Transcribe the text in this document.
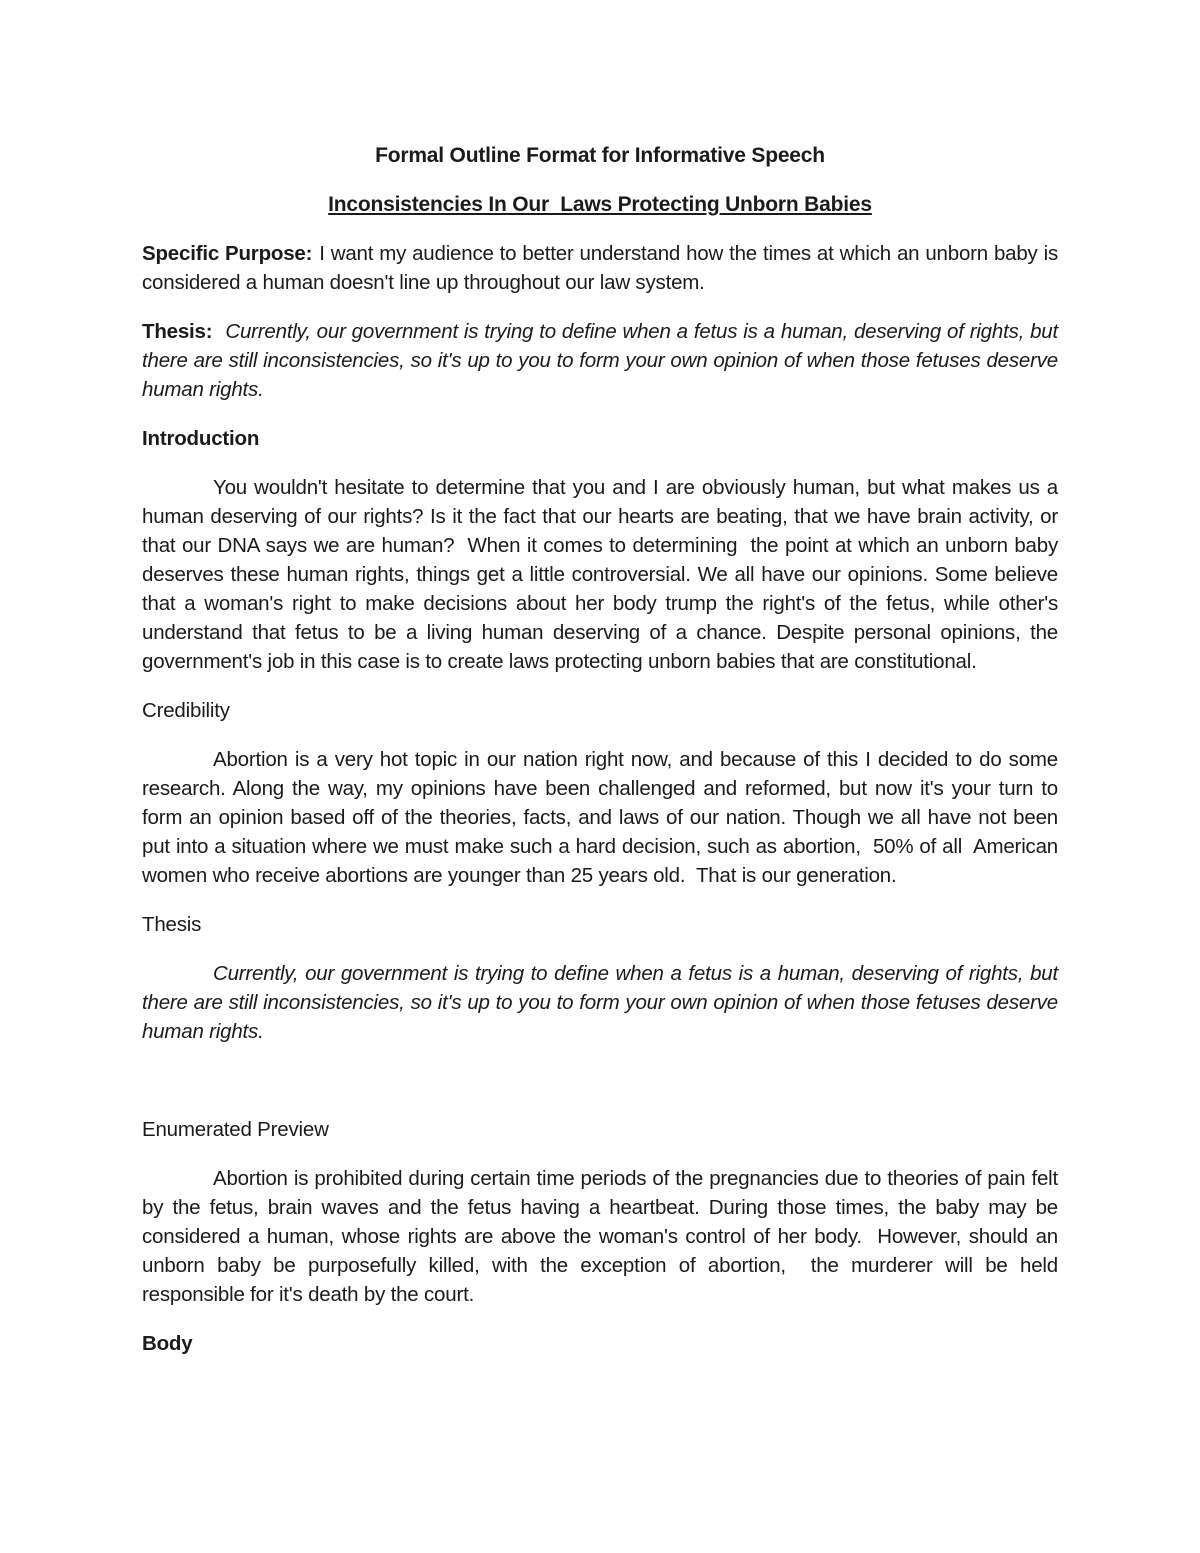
Formal Outline Format for Informative Speech
Inconsistencies In Our  Laws Protecting Unborn Babies

Specific Purpose: I want my audience to better understand how the times at which an unborn baby is considered a human doesn't line up throughout our law system.

Thesis: Currently, our government is trying to define when a fetus is a human, deserving of rights, but there are still inconsistencies, so it's up to you to form your own opinion of when those fetuses deserve human rights.

Introduction

You wouldn't hesitate to determine that you and I are obviously human, but what makes us a human deserving of our rights? Is it the fact that our hearts are beating, that we have brain activity, or that our DNA says we are human?  When it comes to determining  the point at which an unborn baby deserves these human rights, things get a little controversial. We all have our opinions. Some believe that a woman's right to make decisions about her body trump the right's of the fetus, while other's understand that fetus to be a living human deserving of a chance. Despite personal opinions, the government's job in this case is to create laws protecting unborn babies that are constitutional.

Credibility

Abortion is a very hot topic in our nation right now, and because of this I decided to do some research. Along the way, my opinions have been challenged and reformed, but now it's your turn to form an opinion based off of the theories, facts, and laws of our nation. Though we all have not been put into a situation where we must make such a hard decision, such as abortion,  50% of all  American women who receive abortions are younger than 25 years old.  That is our generation.

Thesis

Currently, our government is trying to define when a fetus is a human, deserving of rights, but there are still inconsistencies, so it's up to you to form your own opinion of when those fetuses deserve human rights.

Enumerated Preview

Abortion is prohibited during certain time periods of the pregnancies due to theories of pain felt by the fetus, brain waves and the fetus having a heartbeat. During those times, the baby may be considered a human, whose rights are above the woman's control of her body.  However, should an unborn baby be purposefully killed, with the exception of abortion,  the murderer will be held responsible for it's death by the court.

Body
